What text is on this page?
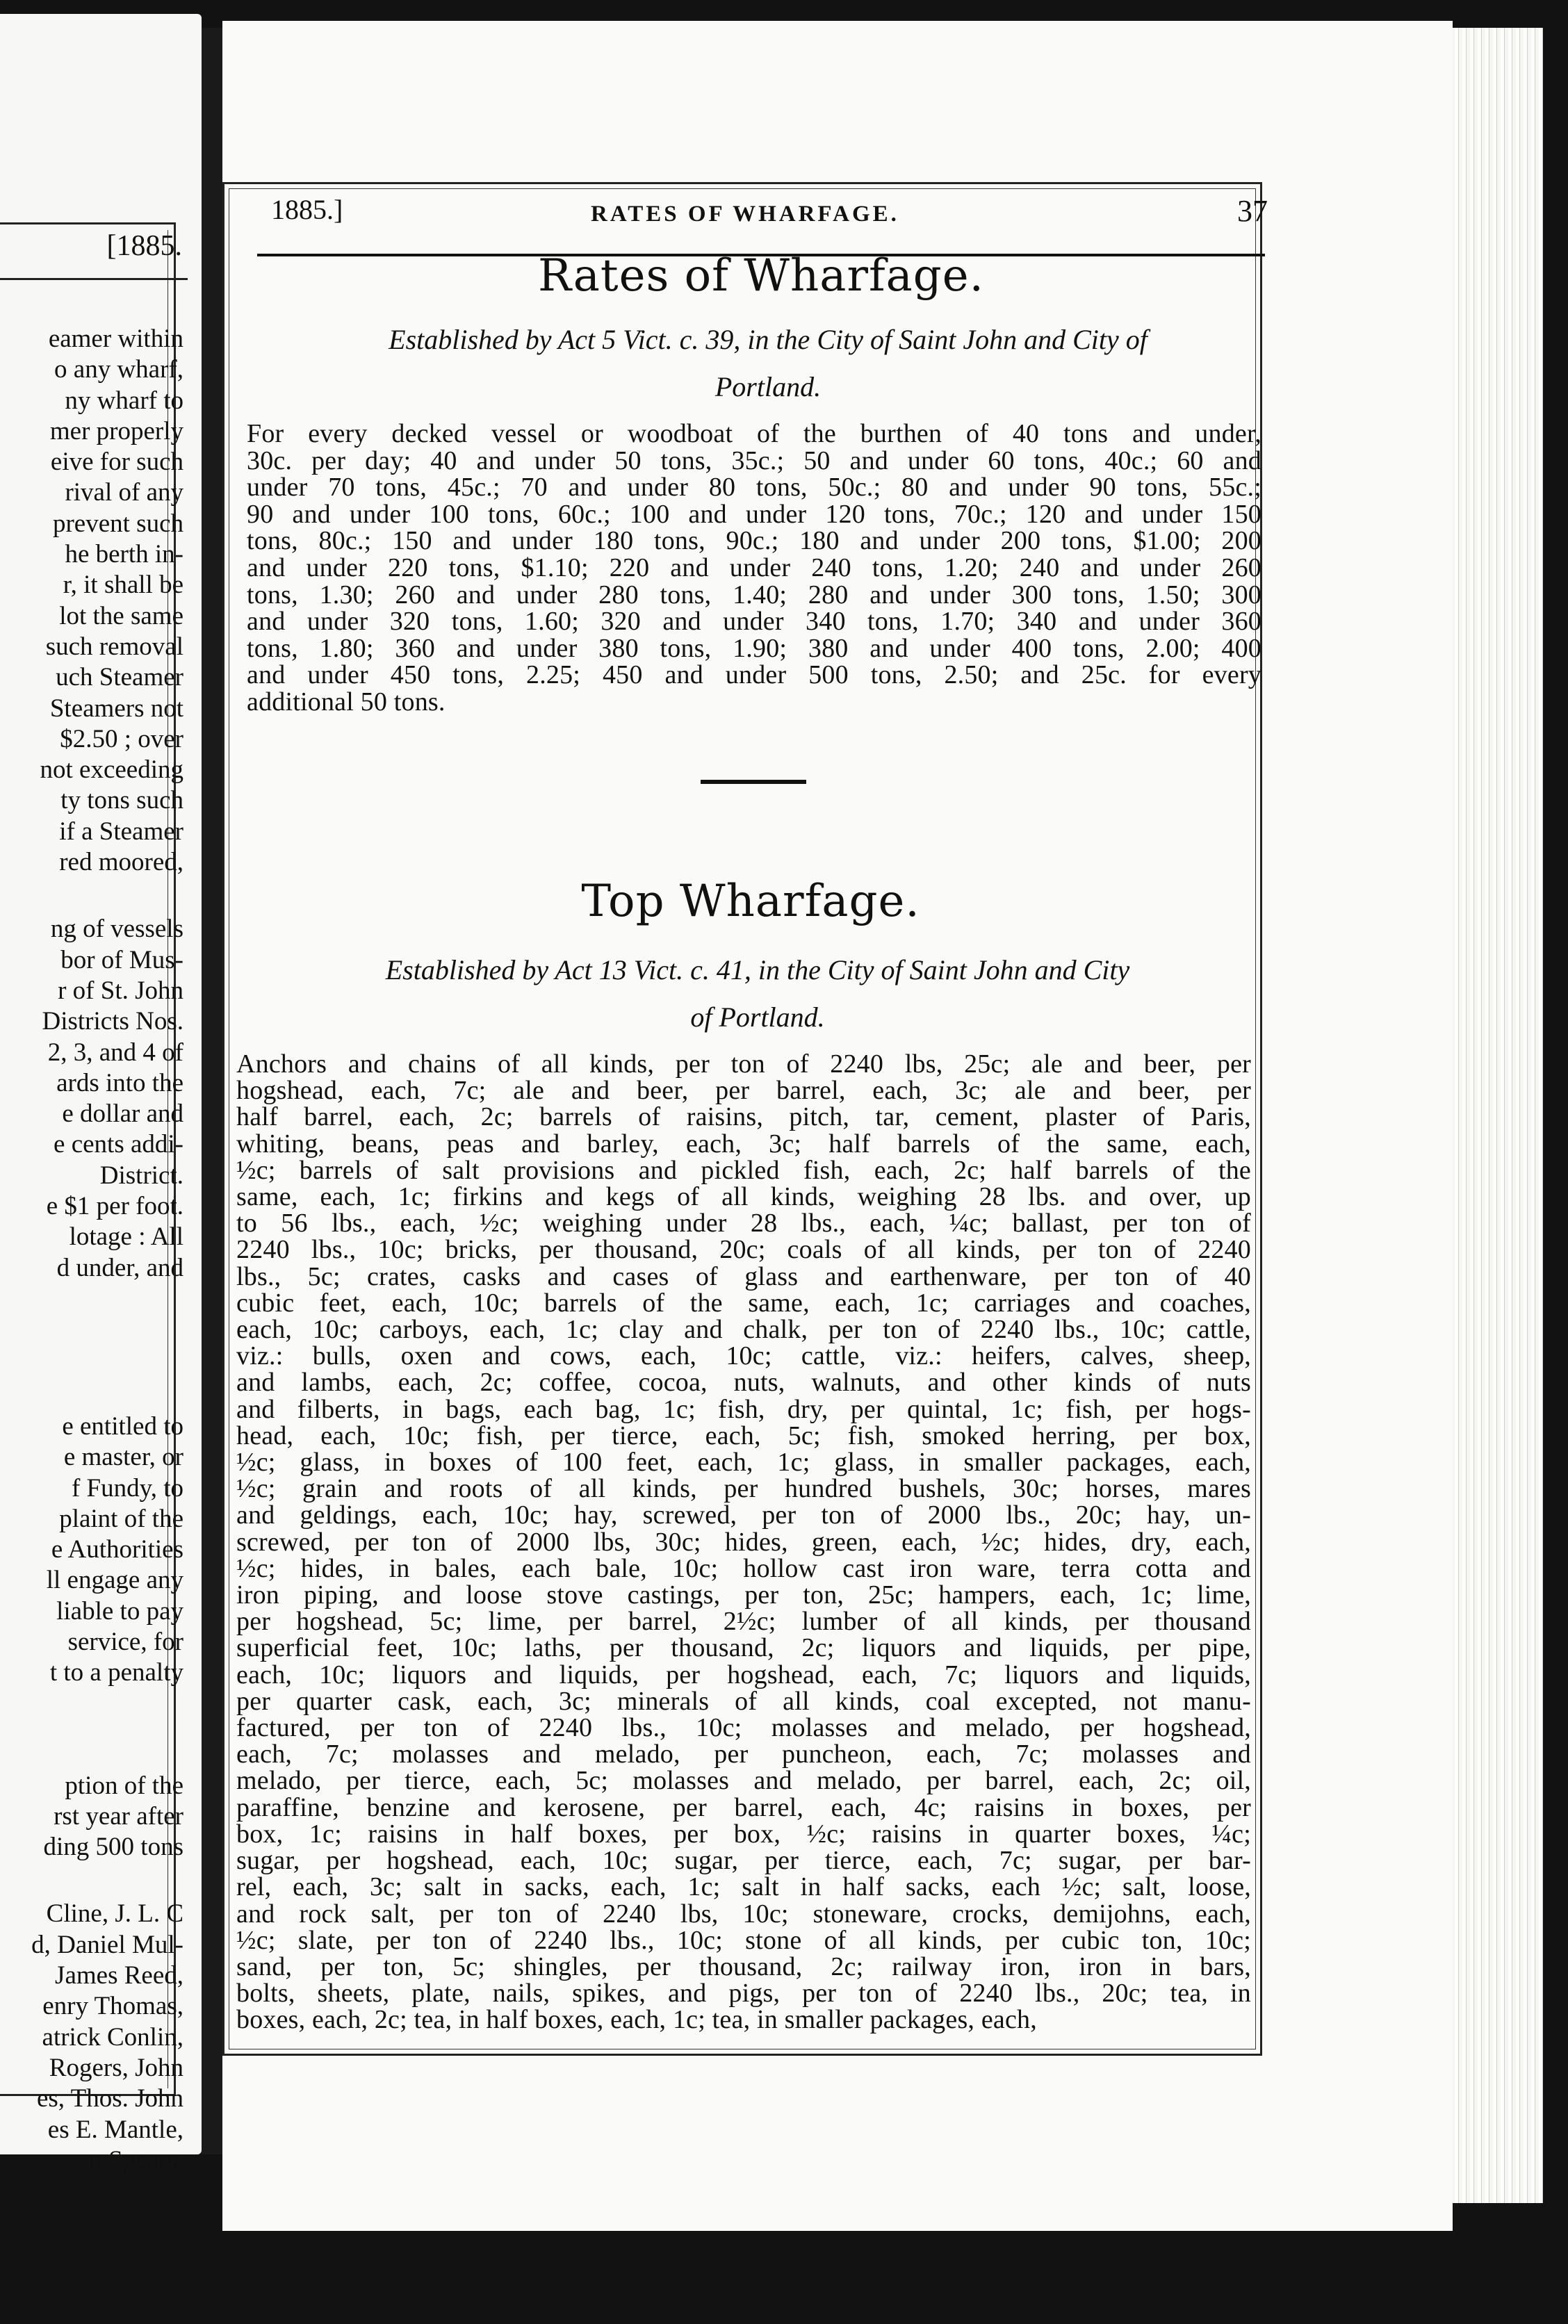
[1885.
eamer within
o any wharf,
ny wharf to
mer properly
eive for such
rival of any
prevent such
he berth in-
r, it shall be
lot the same
such removal
uch Steamer
Steamers not
$2.50 ; over
not exceeding
ty tons such
if a Steamer
red moored,
ng of vessels
bor of Mus-
r of St. John
Districts Nos.
2, 3, and 4 of
ards into the
e dollar and
e cents addi-
District.
e $1 per foot.
lotage : All
d under, and
e entitled to
e master, or
f Fundy, to
plaint of the
e Authorities
ll engage any
liable to pay
service, for
t to a penalty
ption of the
rst year after
ding 500 tons
Cline, J. L. C
d, Daniel Mul-
James Reed,
enry Thomas,
atrick Conlin,
Rogers, John
es, Thos. John
es E. Mantle,
n Spears.
1885.]	RATES OF WHARFAGE.	37
Rates of Wharfage.
Established by Act 5 Vict. c. 39, in the City of Saint John and City of
Portland.
For every decked vessel or woodboat of the burthen of 40 tons and under,
30c. per day; 40 and under 50 tons, 35c.; 50 and under 60 tons, 40c.; 60 and
under 70 tons, 45c.; 70 and under 80 tons, 50c.; 80 and under 90 tons, 55c.;
90 and under 100 tons, 60c.; 100 and under 120 tons, 70c.; 120 and under 150
tons, 80c.; 150 and under 180 tons, 90c.; 180 and under 200 tons, $1.00; 200
and under 220 tons, $1.10; 220 and under 240 tons, 1.20; 240 and under 260
tons, 1.30; 260 and under 280 tons, 1.40; 280 and under 300 tons, 1.50; 300
and under 320 tons, 1.60; 320 and under 340 tons, 1.70; 340 and under 360
tons, 1.80; 360 and under 380 tons, 1.90; 380 and under 400 tons, 2.00; 400
and under 450 tons, 2.25; 450 and under 500 tons, 2.50; and 25c. for every
additional 50 tons.
Top Wharfage.
Established by Act 13 Vict. c. 41, in the City of Saint John and City
of Portland.
Anchors and chains of all kinds, per ton of 2240 lbs, 25c; ale and beer, per
hogshead, each, 7c; ale and beer, per barrel, each, 3c; ale and beer, per
half barrel, each, 2c; barrels of raisins, pitch, tar, cement, plaster of Paris,
whiting, beans, peas and barley, each, 3c; half barrels of the same, each,
½c; barrels of salt provisions and pickled fish, each, 2c; half barrels of the
same, each, 1c; firkins and kegs of all kinds, weighing 28 lbs. and over, up
to 56 lbs., each, ½c; weighing under 28 lbs., each, ¼c; ballast, per ton of
2240 lbs., 10c; bricks, per thousand, 20c; coals of all kinds, per ton of 2240
lbs., 5c; crates, casks and cases of glass and earthenware, per ton of 40
cubic feet, each, 10c; barrels of the same, each, 1c; carriages and coaches,
each, 10c; carboys, each, 1c; clay and chalk, per ton of 2240 lbs., 10c; cattle,
viz.: bulls, oxen and cows, each, 10c; cattle, viz.: heifers, calves, sheep,
and lambs, each, 2c; coffee, cocoa, nuts, walnuts, and other kinds of nuts
and filberts, in bags, each bag, 1c; fish, dry, per quintal, 1c; fish, per hogs-
head, each, 10c; fish, per tierce, each, 5c; fish, smoked herring, per box,
½c; glass, in boxes of 100 feet, each, 1c; glass, in smaller packages, each,
½c; grain and roots of all kinds, per hundred bushels, 30c; horses, mares
and geldings, each, 10c; hay, screwed, per ton of 2000 lbs., 20c; hay, un-
screwed, per ton of 2000 lbs, 30c; hides, green, each, ½c; hides, dry, each,
½c; hides, in bales, each bale, 10c; hollow cast iron ware, terra cotta and
iron piping, and loose stove castings, per ton, 25c; hampers, each, 1c; lime,
per hogshead, 5c; lime, per barrel, 2½c; lumber of all kinds, per thousand
superficial feet, 10c; laths, per thousand, 2c; liquors and liquids, per pipe,
each, 10c; liquors and liquids, per hogshead, each, 7c; liquors and liquids,
per quarter cask, each, 3c; minerals of all kinds, coal excepted, not manu-
factured, per ton of 2240 lbs., 10c; molasses and melado, per hogshead,
each, 7c; molasses and melado, per puncheon, each, 7c; molasses and
melado, per tierce, each, 5c; molasses and melado, per barrel, each, 2c; oil,
paraffine, benzine and kerosene, per barrel, each, 4c; raisins in boxes, per
box, 1c; raisins in half boxes, per box, ½c; raisins in quarter boxes, ¼c;
sugar, per hogshead, each, 10c; sugar, per tierce, each, 7c; sugar, per bar-
rel, each, 3c; salt in sacks, each, 1c; salt in half sacks, each ½c; salt, loose,
and rock salt, per ton of 2240 lbs, 10c; stoneware, crocks, demijohns, each,
½c; slate, per ton of 2240 lbs., 10c; stone of all kinds, per cubic ton, 10c;
sand, per ton, 5c; shingles, per thousand, 2c; railway iron, iron in bars,
bolts, sheets, plate, nails, spikes, and pigs, per ton of 2240 lbs., 20c; tea, in
boxes, each, 2c; tea, in half boxes, each, 1c; tea, in smaller packages, each,
